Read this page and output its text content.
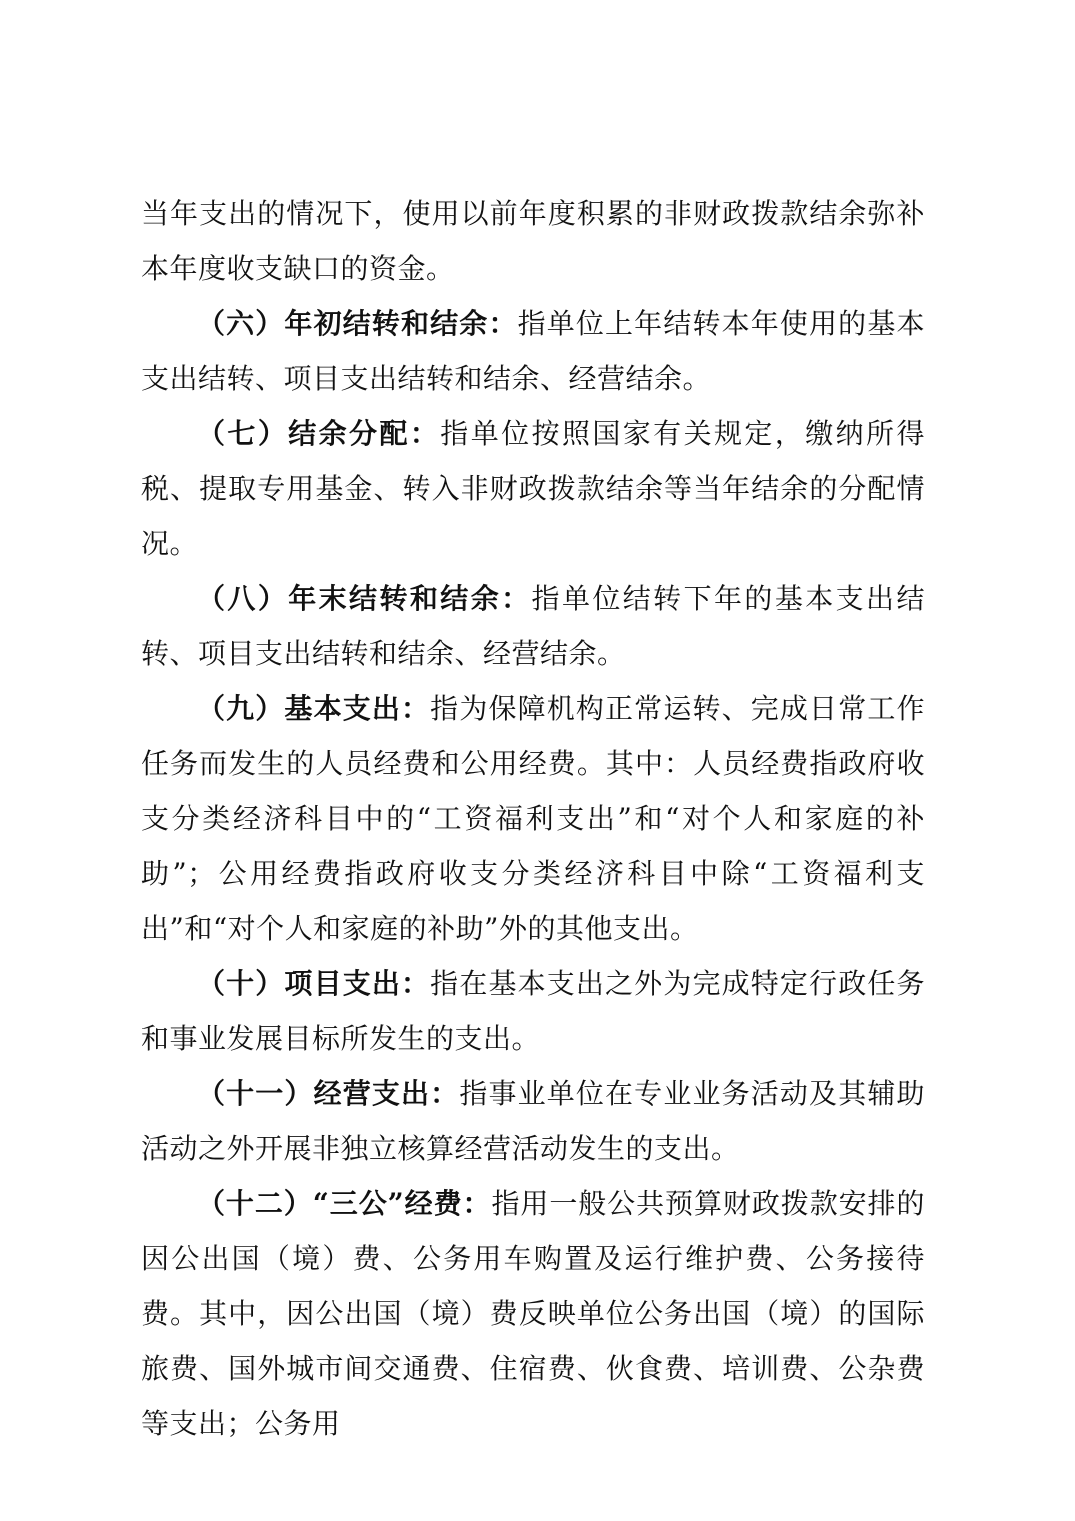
当年支出的情况下，使用以前年度积累的非财政拨款结余弥补本年度收支缺口的资金。

（六）年初结转和结余：指单位上年结转本年使用的基本支出结转、项目支出结转和结余、经营结余。

（七）结余分配：指单位按照国家有关规定，缴纳所得税、提取专用基金、转入非财政拨款结余等当年结余的分配情况。

（八）年末结转和结余：指单位结转下年的基本支出结转、项目支出结转和结余、经营结余。

（九）基本支出：指为保障机构正常运转、完成日常工作任务而发生的人员经费和公用经费。其中：人员经费指政府收支分类经济科目中的“工资福利支出”和“对个人和家庭的补助”；公用经费指政府收支分类经济科目中除“工资福利支出”和“对个人和家庭的补助”外的其他支出。

（十）项目支出：指在基本支出之外为完成特定行政任务和事业发展目标所发生的支出。

（十一）经营支出：指事业单位在专业业务活动及其辅助活动之外开展非独立核算经营活动发生的支出。

（十二）“三公”经费：指用一般公共预算财政拨款安排的因公出国（境）费、公务用车购置及运行维护费、公务接待费。其中，因公出国（境）费反映单位公务出国（境）的国际旅费、国外城市间交通费、住宿费、伙食费、培训费、公杂费等支出；公务用
